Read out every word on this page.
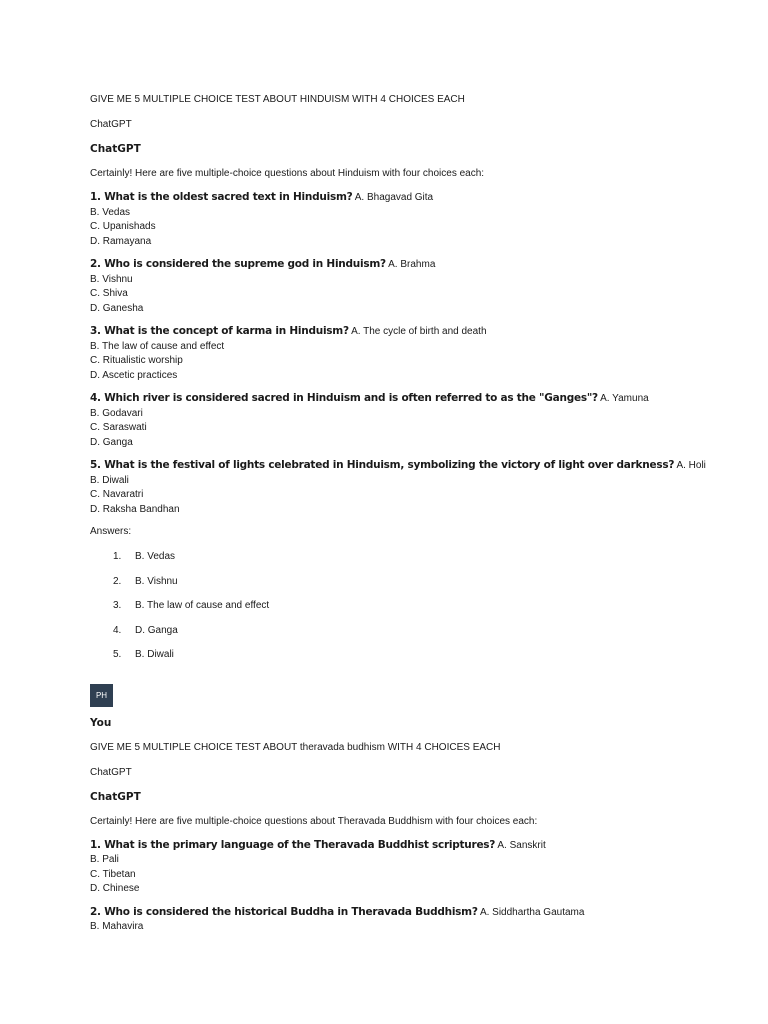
GIVE ME 5 MULTIPLE CHOICE TEST ABOUT HINDUISM WITH 4 CHOICES EACH
ChatGPT
ChatGPT
Certainly! Here are five multiple-choice questions about Hinduism with four choices each:
1. What is the oldest sacred text in Hinduism? A. Bhagavad Gita
B. Vedas
C. Upanishads
D. Ramayana
2. Who is considered the supreme god in Hinduism? A. Brahma
B. Vishnu
C. Shiva
D. Ganesha
3. What is the concept of karma in Hinduism? A. The cycle of birth and death
B. The law of cause and effect
C. Ritualistic worship
D. Ascetic practices
4. Which river is considered sacred in Hinduism and is often referred to as the "Ganges"? A. Yamuna
B. Godavari
C. Saraswati
D. Ganga
5. What is the festival of lights celebrated in Hinduism, symbolizing the victory of light over darkness? A. Holi
B. Diwali
C. Navaratri
D. Raksha Bandhan
Answers:
1. B. Vedas
2. B. Vishnu
3. B. The law of cause and effect
4. D. Ganga
5. B. Diwali
PH
You
GIVE ME 5 MULTIPLE CHOICE TEST ABOUT theravada budhism WITH 4 CHOICES EACH
ChatGPT
ChatGPT
Certainly! Here are five multiple-choice questions about Theravada Buddhism with four choices each:
1. What is the primary language of the Theravada Buddhist scriptures? A. Sanskrit
B. Pali
C. Tibetan
D. Chinese
2. Who is considered the historical Buddha in Theravada Buddhism? A. Siddhartha Gautama
B. Mahavira
